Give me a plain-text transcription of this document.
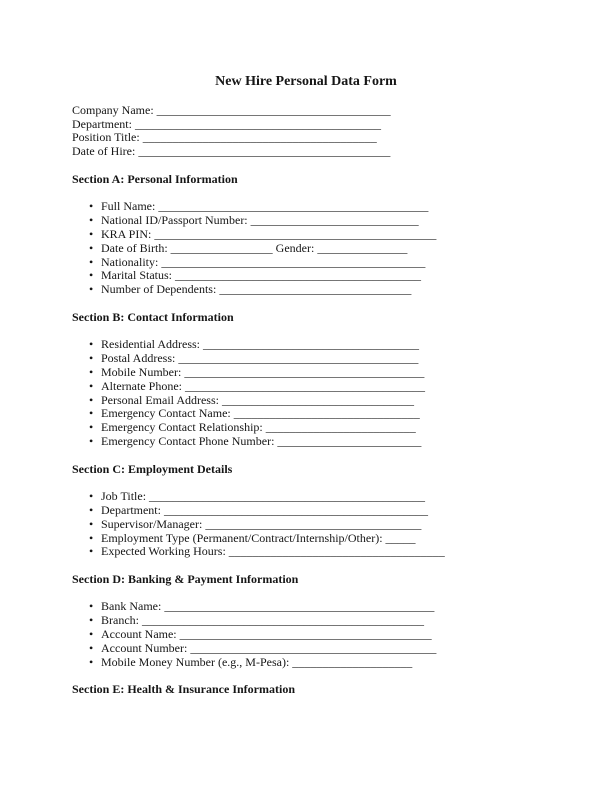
New Hire Personal Data Form
Company Name: _______________________________________
Department: _________________________________________
Position Title: _______________________________________
Date of Hire: __________________________________________
Section A: Personal Information
• Full Name: _____________________________________________
• National ID/Passport Number: ____________________________
• KRA PIN: _______________________________________________
• Date of Birth: _________________ Gender: _______________
• Nationality: ____________________________________________
• Marital Status: _________________________________________
• Number of Dependents: ________________________________
Section B: Contact Information
• Residential Address: ____________________________________
• Postal Address: ________________________________________
• Mobile Number: ________________________________________
• Alternate Phone: ________________________________________
• Personal Email Address: ________________________________
• Emergency Contact Name: _______________________________
• Emergency Contact Relationship: _________________________
• Emergency Contact Phone Number: ________________________
Section C: Employment Details
• Job Title: ______________________________________________
• Department: ____________________________________________
• Supervisor/Manager: ____________________________________
• Employment Type (Permanent/Contract/Internship/Other): _____
• Expected Working Hours: ____________________________________
Section D: Banking & Payment Information
• Bank Name: _____________________________________________
• Branch: _______________________________________________
• Account Name: __________________________________________
• Account Number: _________________________________________
• Mobile Money Number (e.g., M-Pesa): ____________________
Section E: Health & Insurance Information
